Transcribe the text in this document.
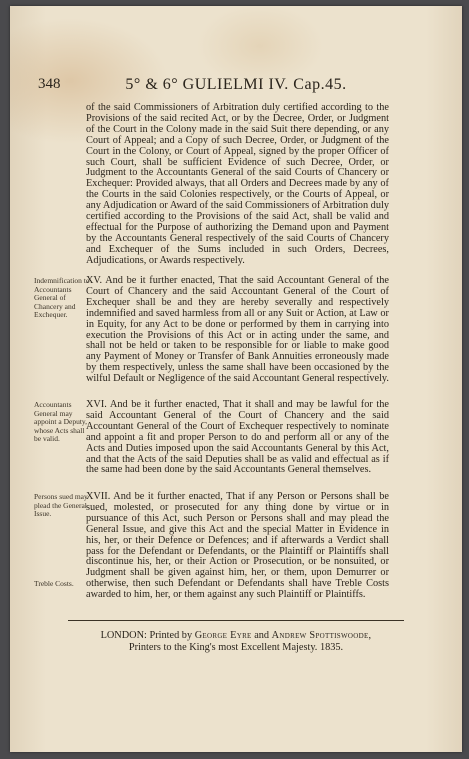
348	5° & 6° GULIELMI IV. Cap.45.

of the said Commissioners of Arbitration duly certified according to the Provisions of the said recited Act, or by the Decree, Order, or Judgment of the Court in the Colony made in the said Suit there depending, or any Court of Appeal; and a Copy of such Decree, Order, or Judgment of the Court in the Colony, or Court of Appeal, signed by the proper Officer of such Court, shall be sufficient Evidence of such Decree, Order, or Judgment to the Accountants General of the said Courts of Chancery or Exchequer: Provided always, that all Orders and Decrees made by any of the Courts in the said Colonies respectively, or the Courts of Appeal, or any Adjudication or Award of the said Commissioners of Arbitration duly certified according to the Provisions of the said Act, shall be valid and effectual for the Purpose of authorizing the Demand upon and Payment by the Accountants General respectively of the said Courts of Chancery and Exchequer of the Sums included in such Orders, Decrees, Adjudications, or Awards respectively.

Indemnification to Accountants General of Chancery and Exchequer.

XV. And be it further enacted, That the said Accountant General of the Court of Chancery and the said Accountant General of the Court of Exchequer shall be and they are hereby severally and respectively indemnified and saved harmless from all or any Suit or Action, at Law or in Equity, for any Act to be done or performed by them in carrying into execution the Provisions of this Act or in acting under the same, and shall not be held or taken to be responsible for or liable to make good any Payment of Money or Transfer of Bank Annuities erroneously made by them respectively, unless the same shall have been occasioned by the wilful Default or Negligence of the said Accountant General respectively.

Accountants General may appoint a Deputy, whose Acts shall be valid.

XVI. And be it further enacted, That it shall and may be lawful for the said Accountant General of the Court of Chancery and the said Accountant General of the Court of Exchequer respectively to nominate and appoint a fit and proper Person to do and perform all or any of the Acts and Duties imposed upon the said Accountants General by this Act, and that the Acts of the said Deputies shall be as valid and effectual as if the same had been done by the said Accountants General themselves.

Persons sued may plead the General Issue.
Treble Costs.

XVII. And be it further enacted, That if any Person or Persons shall be sued, molested, or prosecuted for any thing done by virtue or in pursuance of this Act, such Person or Persons shall and may plead the General Issue, and give this Act and the special Matter in Evidence in his, her, or their Defence or Defences; and if afterwards a Verdict shall pass for the Defendant or Defendants, or the Plaintiff or Plaintiffs shall discontinue his, her, or their Action or Prosecution, or be nonsuited, or Judgment shall be given against him, her, or them, upon Demurrer or otherwise, then such Defendant or Defendants shall have Treble Costs awarded to him, her, or them against any such Plaintiff or Plaintiffs.

LONDON: Printed by George Eyre and Andrew Spottiswoode,
Printers to the King's most Excellent Majesty. 1835.
